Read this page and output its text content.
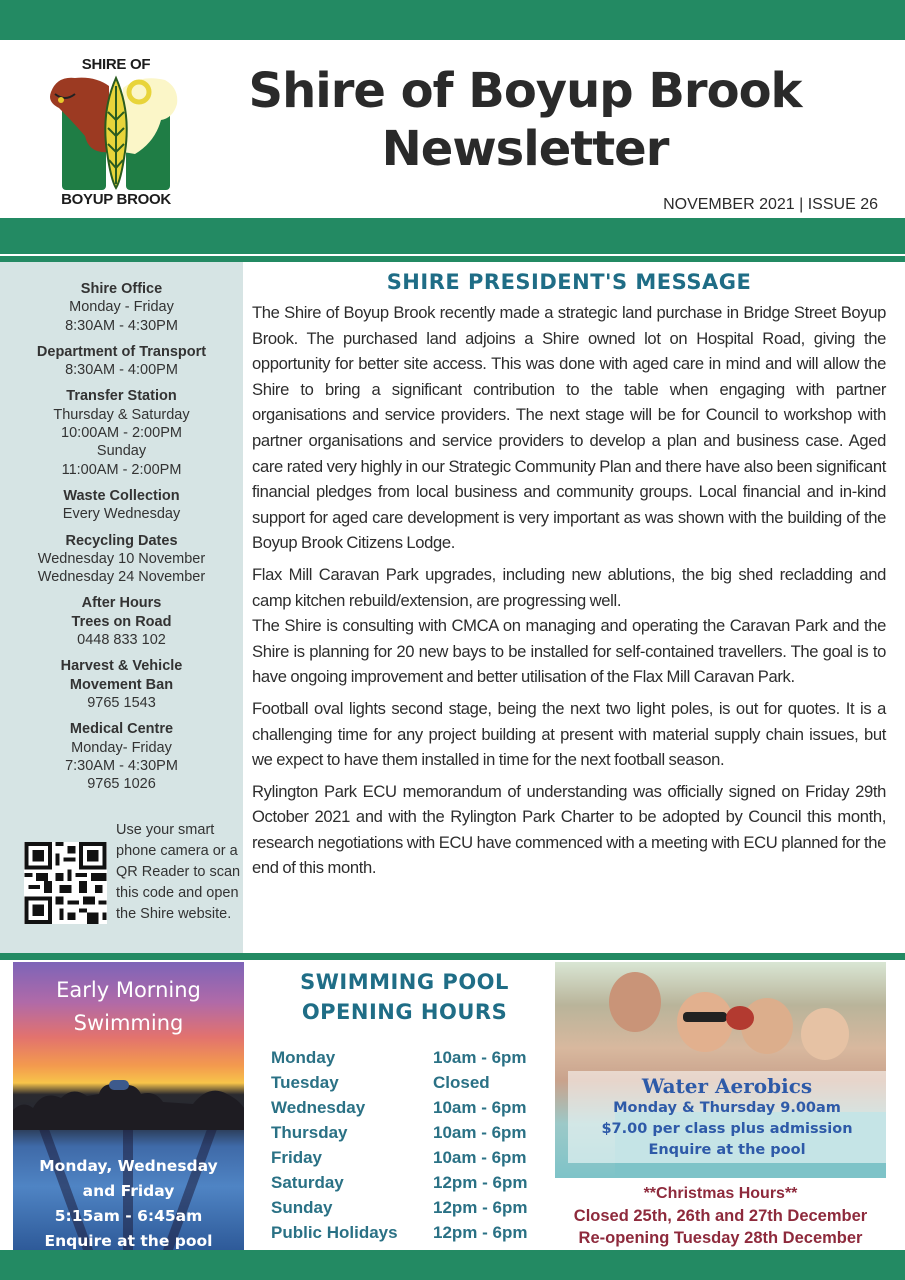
SHIRE OF
BOYUP BROOK
Shire of Boyup Brook
Newsletter
NOVEMBER 2021 | ISSUE 26
Shire Office
Monday - Friday
8:30AM - 4:30PM
Department of Transport
8:30AM - 4:00PM
Transfer Station
Thursday & Saturday
10:00AM - 2:00PM
Sunday
11:00AM - 2:00PM
Waste Collection
Every Wednesday
Recycling Dates
Wednesday 10 November
Wednesday 24 November
After Hours
Trees on Road
0448 833 102
Harvest & Vehicle
Movement Ban
9765 1543
Medical Centre
Monday- Friday
7:30AM - 4:30PM
9765 1026
Use your smart phone camera or a QR Reader to scan this code and open the Shire website.
SHIRE PRESIDENT'S MESSAGE

The Shire of Boyup Brook recently made a strategic land purchase in Bridge Street Boyup Brook. The purchased land adjoins a Shire owned lot on Hospital Road, giving the opportunity for better site access. This was done with aged care in mind and will allow the Shire to bring a significant contribution to the table when engaging with partner organisations and service providers. The next stage will be for Council to workshop with partner organisations and service providers to develop a plan and business case. Aged care rated very highly in our Strategic Community Plan and there have also been significant financial pledges from local business and community groups. Local financial and in-kind support for aged care development is very important as was shown with the building of the Boyup Brook Citizens Lodge.

Flax Mill Caravan Park upgrades, including new ablutions, the big shed recladding and camp kitchen rebuild/extension, are progressing well.

The Shire is consulting with CMCA on managing and operating the Caravan Park and the Shire is planning for 20 new bays to be installed for self-contained travellers. The goal is to have ongoing improvement and better utilisation of the Flax Mill Caravan Park.

Football oval lights second stage, being the next two light poles, is out for quotes. It is a challenging time for any project building at present with material supply chain issues, but we expect to have them installed in time for the next football season.

Rylington Park ECU memorandum of understanding was officially signed on Friday 29th October 2021 and with the Rylington Park Charter to be adopted by Council this month, research negotiations with ECU have commenced with a meeting with ECU planned for the end of this month.

Early Morning
Swimming
Monday, Wednesday
and Friday
5:15am - 6:45am
Enquire at the pool
SWIMMING POOL
OPENING HOURS
Monday	10am - 6pm
Tuesday	Closed
Wednesday	10am - 6pm
Thursday	10am - 6pm
Friday	10am - 6pm
Saturday	12pm - 6pm
Sunday	12pm - 6pm
Public Holidays	12pm - 6pm
Water Aerobics
Monday & Thursday 9.00am
$7.00 per class plus admission
Enquire at the pool
**Christmas Hours**
Closed 25th, 26th and 27th December
Re-opening Tuesday 28th December
